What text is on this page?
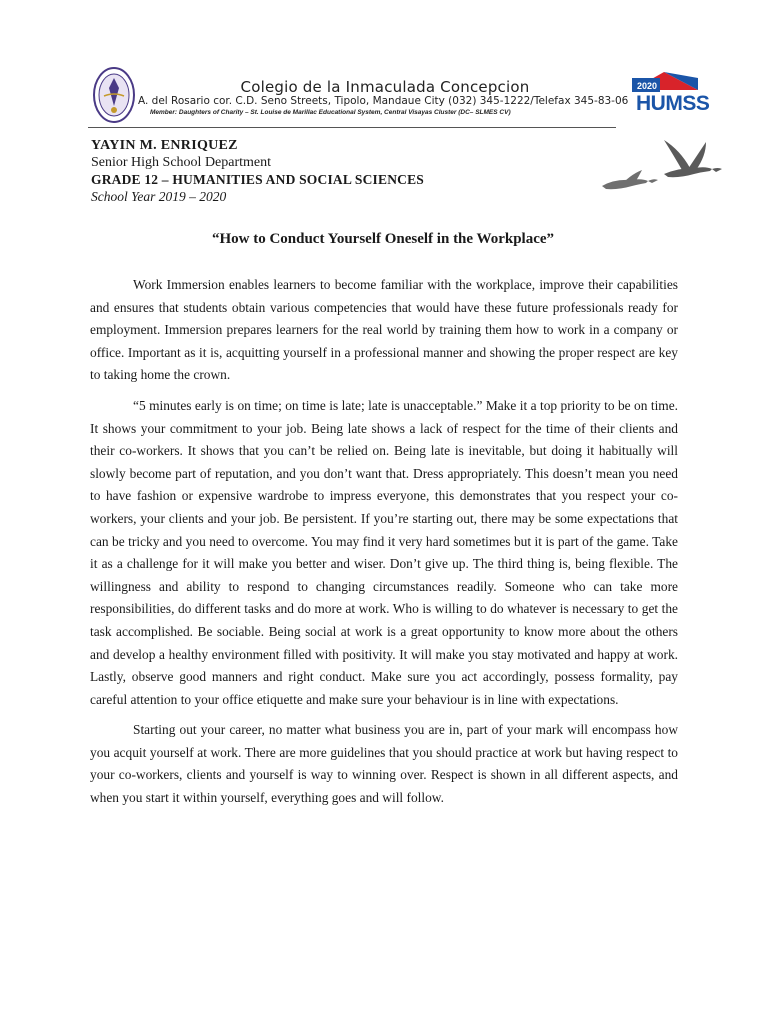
Colegio de la Inmaculada Concepcion
A. del Rosario cor. C.D. Seno Streets, Tipolo, Mandaue City (032) 345-1222/Telefax 345-83-06
Member: Daughters of Charity – St. Louise de Marillac Educational System, Central Visayas Cluster (DC– SLMES CV)
2020
HUMSS
YAYIN M. ENRIQUEZ
Senior High School Department
GRADE 12 – HUMANITIES AND SOCIAL SCIENCES
School Year 2019 – 2020
“How to Conduct Yourself Oneself in the Workplace”

Work Immersion enables learners to become familiar with the workplace, improve their capabilities and ensures that students obtain various competencies that would have these future professionals ready for employment. Immersion prepares learners for the real world by training them how to work in a company or office. Important as it is, acquitting yourself in a professional manner and showing the proper respect are key to taking home the crown.

“5 minutes early is on time; on time is late; late is unacceptable.” Make it a top priority to be on time. It shows your commitment to your job. Being late shows a lack of respect for the time of their clients and their co-workers. It shows that you can’t be relied on. Being late is inevitable, but doing it habitually will slowly become part of reputation, and you don’t want that. Dress appropriately. This doesn’t mean you need to have fashion or expensive wardrobe to impress everyone, this demonstrates that you respect your co-workers, your clients and your job. Be persistent. If you’re starting out, there may be some expectations that can be tricky and you need to overcome. You may find it very hard sometimes but it is part of the game. Take it as a challenge for it will make you better and wiser. Don’t give up. The third thing is, being flexible. The willingness and ability to respond to changing circumstances readily. Someone who can take more responsibilities, do different tasks and do more at work. Who is willing to do whatever is necessary to get the task accomplished. Be sociable. Being social at work is a great opportunity to know more about the others and develop a healthy environment filled with positivity. It will make you stay motivated and happy at work. Lastly, observe good manners and right conduct. Make sure you act accordingly, possess formality, pay careful attention to your office etiquette and make sure your behaviour is in line with expectations.

Starting out your career, no matter what business you are in, part of your mark will encompass how you acquit yourself at work. There are more guidelines that you should practice at work but having respect to your co-workers, clients and yourself is way to winning over. Respect is shown in all different aspects, and when you start it within yourself, everything goes and will follow.
